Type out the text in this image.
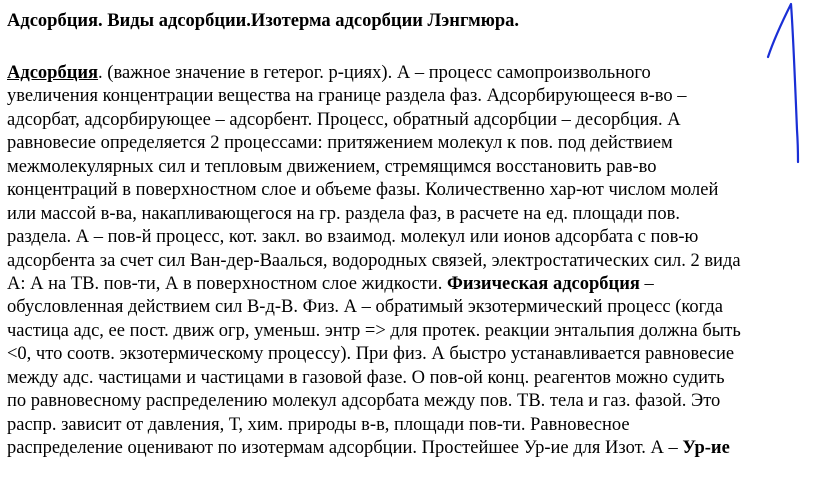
Адсорбция. Виды адсорбции.Изотерма адсорбции Лэнгмюра.
Адсорбция. (важное значение в гетерог. р-циях). А – процесс самопроизвольного
увеличения концентрации вещества на границе раздела фаз. Адсорбирующееся в-во –
адсорбат, адсорбирующее – адсорбент. Процесс, обратный адсорбции – десорбция. А
равновесие определяется 2 процессами: притяжением молекул к пов. под действием
межмолекулярных сил и тепловым движением, стремящимся восстановить рав-во
концентраций в поверхностном слое и объеме фазы. Количественно хар-ют числом молей
или массой в-ва, накапливающегося на гр. раздела фаз, в расчете на ед. площади пов.
раздела. А – пов-й процесс, кот. закл. во взаимод. молекул или ионов адсорбата с пов-ю
адсорбента за счет сил Ван-дер-Ваалься, водородных связей, электростатических сил. 2 вида
А: А на ТВ. пов-ти, А в поверхностном слое жидкости. Физическая адсорбция –
обусловленная действием сил В-д-В. Физ. А – обратимый экзотермический процесс (когда
частица адс, ее пост. движ огр, уменьш. энтр => для протек. реакции энтальпия должна быть
<0, что соотв. экзотермическому процессу). При физ. А быстро устанавливается равновесие
между адс. частицами и частицами в газовой фазе. О пов-ой конц. реагентов можно судить
по равновесному распределению молекул адсорбата между пов. ТВ. тела и газ. фазой. Это
распр. зависит от давления, Т, хим. природы в-в, площади пов-ти. Равновесное
распределение оценивают по изотермам адсорбции. Простейшее Ур-ие для Изот. А – Ур-ие
